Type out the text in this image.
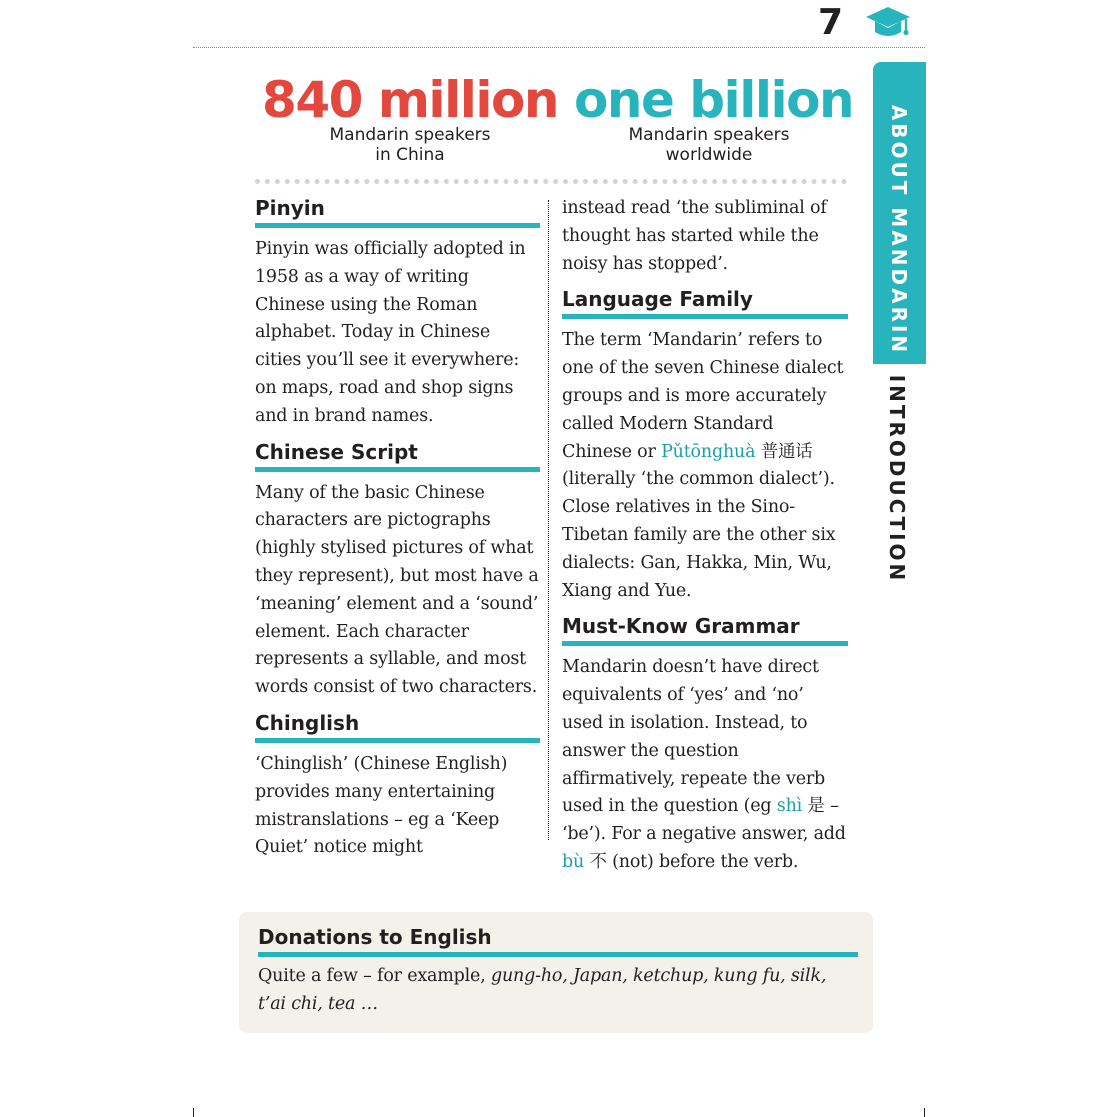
7
ABOUT MANDARIN
INTRODUCTION
840 million
Mandarin speakers
in China
one billion
Mandarin speakers
worldwide
Pinyin

Pinyin was officially adopted in 1958 as a way of writing Chinese using the Roman alphabet. Today in Chinese cities you’ll see it everywhere: on maps, road and shop signs and in brand names.

Chinese Script

Many of the basic Chinese characters are pictographs (highly stylised pictures of what they represent), but most have a ‘meaning’ element and a ‘sound’ element. Each character represents a syllable, and most words consist of two characters.

Chinglish

‘Chinglish’ (Chinese English) provides many entertaining mistranslations – eg a ‘Keep Quiet’ notice might

instead read ‘the subliminal of thought has started while the noisy has stopped’.

Language Family

The term ‘Mandarin’ refers to one of the seven Chinese dialect groups and is more accurately called Modern Standard Chinese or Pǔtōnghuà 普通话 (literally ‘the common dialect’). Close relatives in the Sino-Tibetan family are the other six dialects: Gan, Hakka, Min, Wu, Xiang and Yue.

Must-Know Grammar

Mandarin doesn’t have direct equivalents of ‘yes’ and ‘no’ used in isolation. Instead, to answer the question affirmatively, repeate the verb used in the question (eg shì 是 – ‘be’). For a negative answer, add bù 不 (not) before the verb.

Donations to English

Quite a few – for example, gung-ho, Japan, ketchup, kung fu, silk, t’ai chi, tea …
